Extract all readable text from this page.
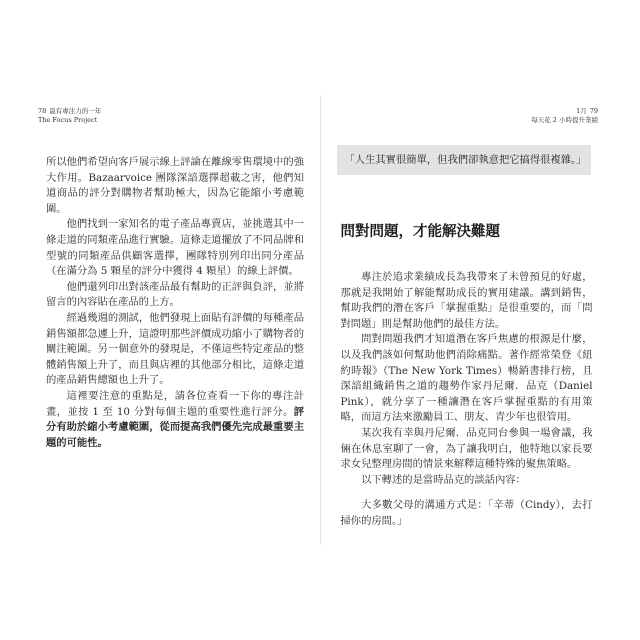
78 最有專注力的一年
The Focus Project

所以他們希望向客戶展示線上評論在離線零售環境中的強大作用。Bazaarvoice 團隊深諳選擇超載之害，他們知道商品的評分對購物者幫助極大，因為它能縮小考慮範圍。

他們找到一家知名的電子產品專賣店，並挑選其中一條走道的同類產品進行實驗。這條走道擺放了不同品牌和型號的同類產品供顧客選擇，團隊特別列印出同分產品（在滿分為 5 顆星的評分中獲得 4 顆星）的線上評價。

他們還列印出對該產品最有幫助的正評與負評，並將留言的內容貼在產品的上方。

經過幾週的測試，他們發現上面貼有評價的每種產品銷售額都急遽上升，這證明那些評價成功縮小了購物者的關注範圍。另一個意外的發現是，不僅這些特定產品的整體銷售額上升了，而且與店裡的其他部分相比，這條走道的產品銷售總額也上升了。

這裡要注意的重點是，請各位查看一下你的專注計畫，並按 1 至 10 分對每個主題的重要性進行評分。評分有助於縮小考慮範圍，從而提高我們優先完成最重要主題的可能性。

1月 79
每天花 2 小時提升業績
「人生其實很簡單，但我們卻執意把它搞得很複雜。」
問對問題，才能解決難題

專注於追求業績成長為我帶來了未曾預見的好處，那就是我開始了解能幫助成長的實用建議。講到銷售，幫助我們的潛在客戶「掌握重點」是很重要的，而「問對問題」則是幫助他們的最佳方法。

問對問題我們才知道潛在客戶焦慮的根源是什麼，以及我們該如何幫助他們消除痛點。著作經常榮登《紐約時報》（The New York Times）暢銷書排行榜，且深諳組織銷售之道的趨勢作家丹尼爾．品克（Daniel Pink），就分享了一種讓潛在客戶掌握重點的有用策略，而這方法來激勵員工、朋友、青少年也很管用。

某次我有幸與丹尼爾．品克同台參與一場會議，我倆在休息室聊了一會，為了讓我明白，他特地以家長要求女兒整理房間的情景來解釋這種特殊的聚焦策略。

以下轉述的是當時品克的談話內容：

大多數父母的溝通方式是：「辛蒂（Cindy），去打掃你的房間。」
